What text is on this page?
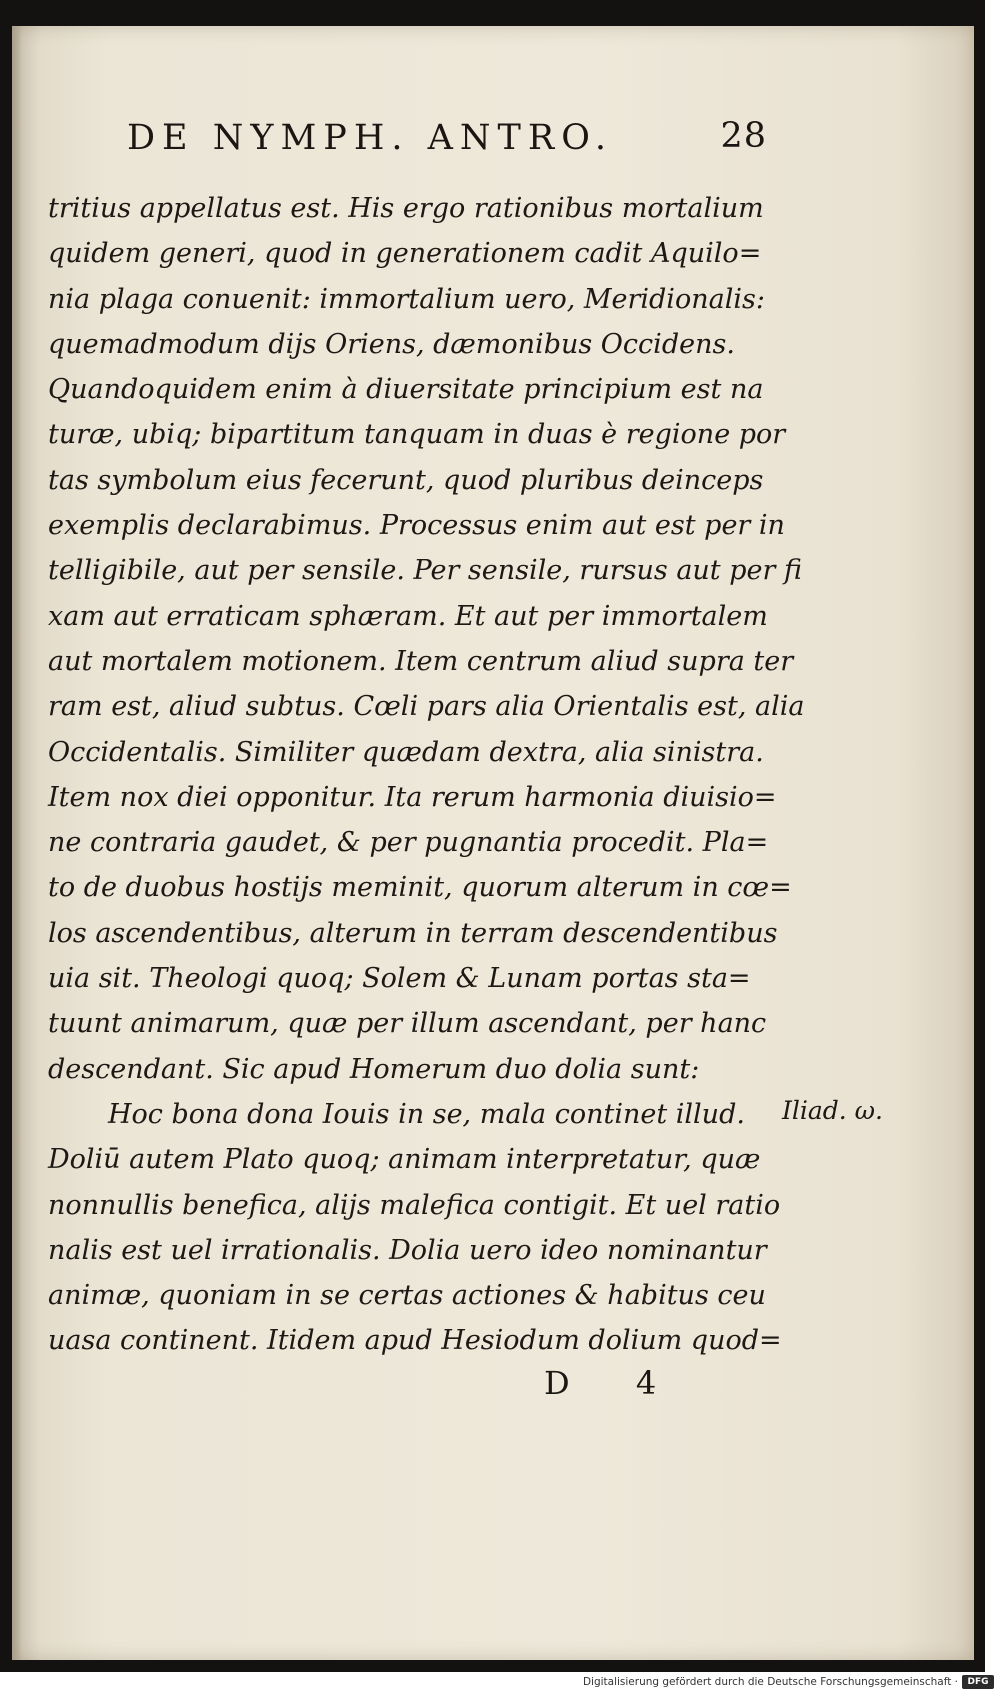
DE NYMPH. ANTRO.	28
tritius appellatus est. His ergo rationibus mortalium
quidem generi, quod in generationem cadit Aquilo=
nia plaga conuenit: immortalium uero, Meridionalis:
quemadmodum dijs Oriens, dæmonibus Occidens.
Quandoquidem enim à diuersitate principium est na
turæ, ubiq; bipartitum tanquam in duas è regione por
tas symbolum eius fecerunt, quod pluribus deinceps
exemplis declarabimus. Processus enim aut est per in
telligibile, aut per sensile. Per sensile, rursus aut per fi
xam aut erraticam sphæram. Et aut per immortalem
aut mortalem motionem. Item centrum aliud supra ter
ram est, aliud subtus. Cœli pars alia Orientalis est, alia
Occidentalis. Similiter quædam dextra, alia sinistra.
Item nox diei opponitur. Ita rerum harmonia diuisio=
ne contraria gaudet, & per pugnantia procedit. Pla=
to de duobus hostijs meminit, quorum alterum in cœ=
los ascendentibus, alterum in terram descendentibus
uia sit. Theologi quoq; Solem & Lunam portas sta=
tuunt animarum, quæ per illum ascendant, per hanc
descendant. Sic apud Homerum duo dolia sunt:
Hoc bona dona Iouis in se, mala continet illud.
Doliū autem Plato quoq; animam interpretatur, quæ
nonnullis benefica, alijs malefica contigit. Et uel ratio
nalis est uel irrationalis. Dolia uero ideo nominantur
animæ, quoniam in se certas actiones & habitus ceu
uasa continent. Itidem apud Hesiodum dolium quod=
Iliad. ω.
D 4
Digitalisierung gefördert durch die Deutsche Forschungsgemeinschaft ·	DFG
